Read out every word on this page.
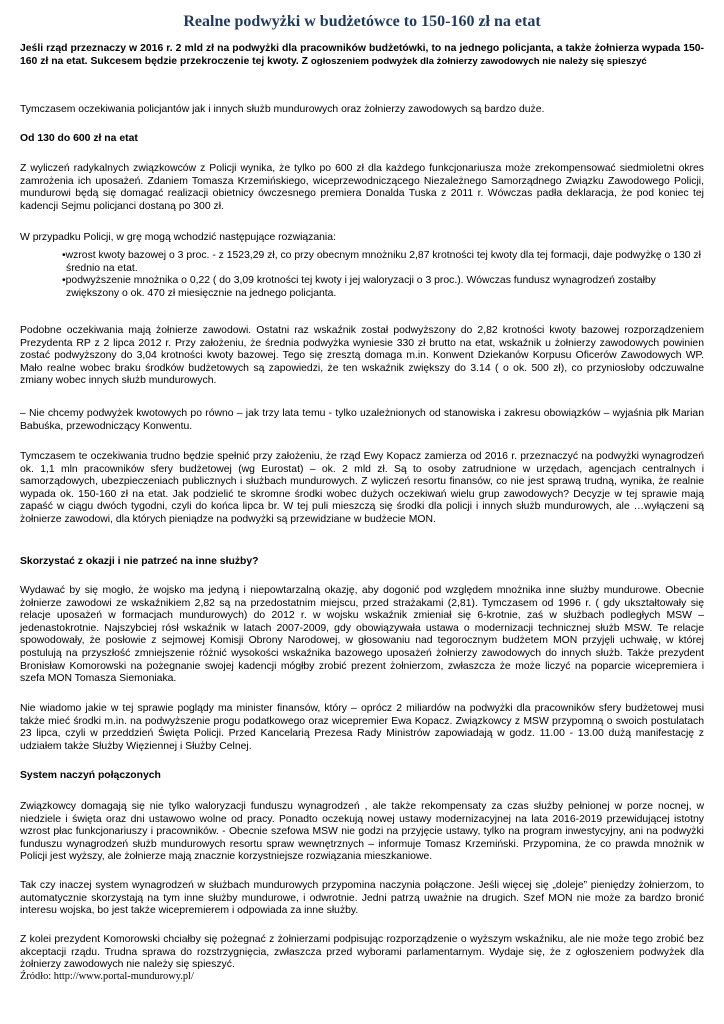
Realne podwyżki w budżetówce to 150-160 zł na etat

Jeśli rząd przeznaczy w 2016 r. 2 mld zł na podwyżki dla pracowników budżetówki, to na jednego policjanta, a także żołnierza wypada 150-160 zł na etat. Sukcesem będzie przekroczenie tej kwoty. Z ogłoszeniem podwyżek dla żołnierzy zawodowych nie należy się spieszyć

Tymczasem oczekiwania policjantów jak i innych służb mundurowych oraz żołnierzy zawodowych są bardzo duże.

Od 130 do 600 zł na etat

Z wyliczeń radykalnych związkowców z Policji wynika, że tylko po 600 zł dla każdego funkcjonariusza może zrekompensować siedmioletni okres zamrożenia ich uposażeń. Zdaniem Tomasza Krzemińskiego, wiceprzewodniczącego Niezależnego Samorządnego Związku Zawodowego Policji, mundurowi będą się domagać realizacji obietnicy ówczesnego premiera Donalda Tuska z 2011 r. Wówczas padła deklaracja, że pod koniec tej kadencji Sejmu policjanci dostaną po 300 zł.

W przypadku Policji, w grę mogą wchodzić następujące rozwiązania:

•wzrost kwoty bazowej o 3 proc. - z 1523,29 zł, co przy obecnym mnożniku 2,87 krotności tej kwoty dla tej formacji, daje podwyżkę o 130 zł średnio na etat.
•podwyższenie mnożnika o 0,22 ( do 3,09 krotności tej kwoty i jej waloryzacji o 3 proc.). Wówczas fundusz wynagrodzeń zostałby zwiększony o ok. 470 zł miesięcznie na jednego policjanta.

Podobne oczekiwania mają żołnierze zawodowi. Ostatni raz wskaźnik został podwyższony do 2,82 krotności kwoty bazowej rozporządzeniem Prezydenta RP z 2 lipca 2012 r. Przy założeniu, że średnia podwyżka wyniesie 330 zł brutto na etat, wskaźnik u żołnierzy zawodowych powinien zostać podwyższony do 3,04 krotności kwoty bazowej. Tego się zresztą domaga m.in. Konwent Dziekanów Korpusu Oficerów Zawodowych WP. Mało realne wobec braku środków budżetowych są zapowiedzi, że ten wskaźnik zwiększy do 3.14 ( o ok. 500 zł), co przyniosłoby odczuwalne zmiany wobec innych służb mundurowych.

– Nie chcemy podwyżek kwotowych po równo – jak trzy lata temu - tylko uzależnionych od stanowiska i zakresu obowiązków – wyjaśnia płk Marian Babuśka, przewodniczący Konwentu.

Tymczasem te oczekiwania trudno będzie spełnić przy założeniu, że rząd Ewy Kopacz zamierza od 2016 r. przeznaczyć na podwyżki wynagrodzeń ok. 1,1 mln pracowników sfery budżetowej (wg Eurostat) – ok. 2 mld zł. Są to osoby zatrudnione w urzędach, agencjach centralnych i samorządowych, ubezpieczeniach publicznych i służbach mundurowych. Z wyliczeń resortu finansów, co nie jest sprawą trudną, wynika, że realnie wypada ok. 150-160 zł na etat. Jak podzielić te skromne środki wobec dużych oczekiwań wielu grup zawodowych? Decyzje w tej sprawie mają zapaść w ciągu dwóch tygodni, czyli do końca lipca br. W tej puli mieszczą się środki dla policji i innych służb mundurowych, ale …wyłączeni są żołnierze zawodowi, dla których pieniądze na podwyżki są przewidziane w budżecie MON.

Skorzystać z okazji i nie patrzeć na inne służby?

Wydawać by się mogło, że wojsko ma jedyną i niepowtarzalną okazję, aby dogonić pod względem mnożnika inne służby mundurowe. Obecnie żołnierze zawodowi ze wskaźnikiem 2,82 są na przedostatnim miejscu, przed strażakami (2,81). Tymczasem od 1996 r. ( gdy ukształtowały się relacje uposażeń w formacjach mundurowych) do 2012 r. w wojsku wskaźnik zmieniał się 6-krotnie, zaś w służbach podległych MSW – jedenastokrotnie. Najszybciej rósł wskaźnik w latach 2007-2009, gdy obowiązywała ustawa o modernizacji technicznej służb MSW. Te relacje spowodowały, że posłowie z sejmowej Komisji Obrony Narodowej, w głosowaniu nad tegorocznym budżetem MON przyjęli uchwałę, w której postulują na przyszłość zmniejszenie różnić wysokości wskaźnika bazowego uposażeń żołnierzy zawodowych do innych służb. Także prezydent Bronisław Komorowski na pożegnanie swojej kadencji mógłby zrobić prezent żołnierzom, zwłaszcza że może liczyć na poparcie wicepremiera i szefa MON Tomasza Siemoniaka.

Nie wiadomo jakie w tej sprawie poglądy ma minister finansów, który – oprócz 2 miliardów na podwyżki dla pracowników sfery budżetowej musi także mieć środki m.in. na podwyższenie progu podatkowego oraz wicepremier Ewa Kopacz. Związkowcy z MSW przypomną o swoich postulatach 23 lipca, czyli w przeddzień Święta Policji. Przed Kancelarią Prezesa Rady Ministrów zapowiadają w godz. 11.00 - 13.00 dużą manifestację z udziałem także Służby Więziennej i Służby Celnej.

System naczyń połączonych

Związkowcy domagają się nie tylko waloryzacji funduszu wynagrodzeń , ale także rekompensaty za czas służby pełnionej w porze nocnej, w niedziele i święta oraz dni ustawowo wolne od pracy. Ponadto oczekują nowej ustawy modernizacyjnej na lata 2016-2019 przewidującej istotny wzrost płac funkcjonariuszy i pracowników. - Obecnie szefowa MSW nie godzi na przyjęcie ustawy, tylko na program inwestycyjny, ani na podwyżki funduszu wynagrodzeń służb mundurowych resortu spraw wewnętrznych – informuje Tomasz Krzemiński. Przypomina, że co prawda mnożnik w Policji jest wyższy, ale żołnierze mają znacznie korzystniejsze rozwiązania mieszkaniowe.

Tak czy inaczej system wynagrodzeń w służbach mundurowych przypomina naczynia połączone. Jeśli więcej się „doleje” pieniędzy żołnierzom, to automatycznie skorzystają na tym inne służby mundurowe, i odwrotnie. Jedni patrzą uważnie na drugich. Szef MON nie może za bardzo bronić interesu wojska, bo jest także wicepremierem i odpowiada za inne służby.

Z kolei prezydent Komorowski chciałby się pożegnać z żołnierzami podpisując rozporządzenie o wyższym wskaźniku, ale nie może tego zrobić bez akceptacji rządu. Trudna sprawa do rozstrzygnięcia, zwłaszcza przed wyborami parlamentarnym. Wydaje się, że z ogłoszeniem podwyżek dla żołnierzy zawodowych nie należy się spieszyć.

Źródło: http://www.portal-mundurowy.pl/
